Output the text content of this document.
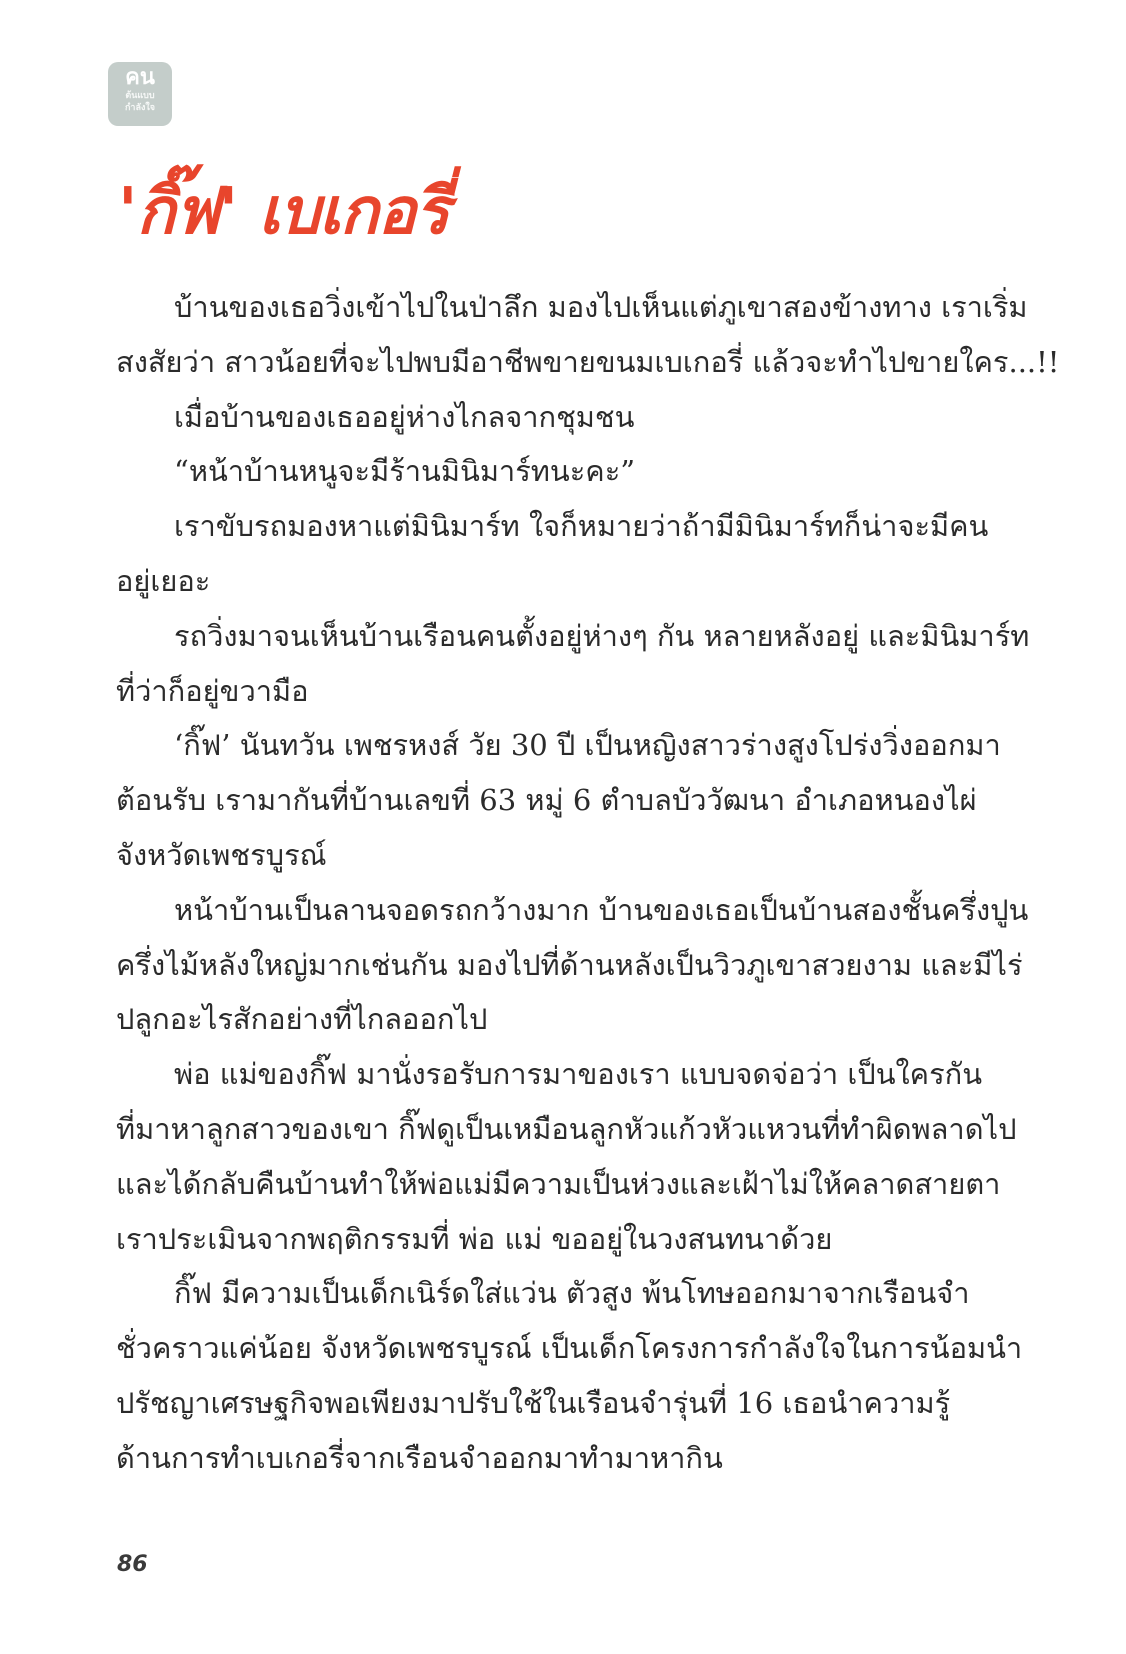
คน
ต้นแบบ
กำลังใจ
'กิ๊ฟ' เบเกอรี่
บ้านของเธอวิ่งเข้าไปในป่าลึก มองไปเห็นแต่ภูเขาสองข้างทาง เราเริ่ม
สงสัยว่า สาวน้อยที่จะไปพบมีอาชีพขายขนมเบเกอรี่ แล้วจะทำไปขายใคร...!!
เมื่อบ้านของเธออยู่ห่างไกลจากชุมชน
“หน้าบ้านหนูจะมีร้านมินิมาร์ทนะคะ”
เราขับรถมองหาแต่มินิมาร์ท ใจก็หมายว่าถ้ามีมินิมาร์ทก็น่าจะมีคน
อยู่เยอะ
รถวิ่งมาจนเห็นบ้านเรือนคนตั้งอยู่ห่างๆ กัน หลายหลังอยู่ และมินิมาร์ท
ที่ว่าก็อยู่ขวามือ
‘กิ๊ฟ’ นันทวัน เพชรหงส์ วัย 30 ปี เป็นหญิงสาวร่างสูงโปร่งวิ่งออกมา
ต้อนรับ เรามากันที่บ้านเลขที่ 63 หมู่ 6 ตำบลบัววัฒนา อำเภอหนองไผ่
จังหวัดเพชรบูรณ์
หน้าบ้านเป็นลานจอดรถกว้างมาก บ้านของเธอเป็นบ้านสองชั้นครึ่งปูน
ครึ่งไม้หลังใหญ่มากเช่นกัน มองไปที่ด้านหลังเป็นวิวภูเขาสวยงาม และมีไร่
ปลูกอะไรสักอย่างที่ไกลออกไป
พ่อ แม่ของกิ๊ฟ มานั่งรอรับการมาของเรา แบบจดจ่อว่า เป็นใครกัน
ที่มาหาลูกสาวของเขา กิ๊ฟดูเป็นเหมือนลูกหัวแก้วหัวแหวนที่ทำผิดพลาดไป
และได้กลับคืนบ้านทำให้พ่อแม่มีความเป็นห่วงและเฝ้าไม่ให้คลาดสายตา
เราประเมินจากพฤติกรรมที่ พ่อ แม่ ขออยู่ในวงสนทนาด้วย
กิ๊ฟ มีความเป็นเด็กเนิร์ดใส่แว่น ตัวสูง พ้นโทษออกมาจากเรือนจำ
ชั่วคราวแค่น้อย จังหวัดเพชรบูรณ์ เป็นเด็กโครงการกำลังใจในการน้อมนำ
ปรัชญาเศรษฐกิจพอเพียงมาปรับใช้ในเรือนจำรุ่นที่ 16 เธอนำความรู้
ด้านการทำเบเกอรี่จากเรือนจำออกมาทำมาหากิน
86
